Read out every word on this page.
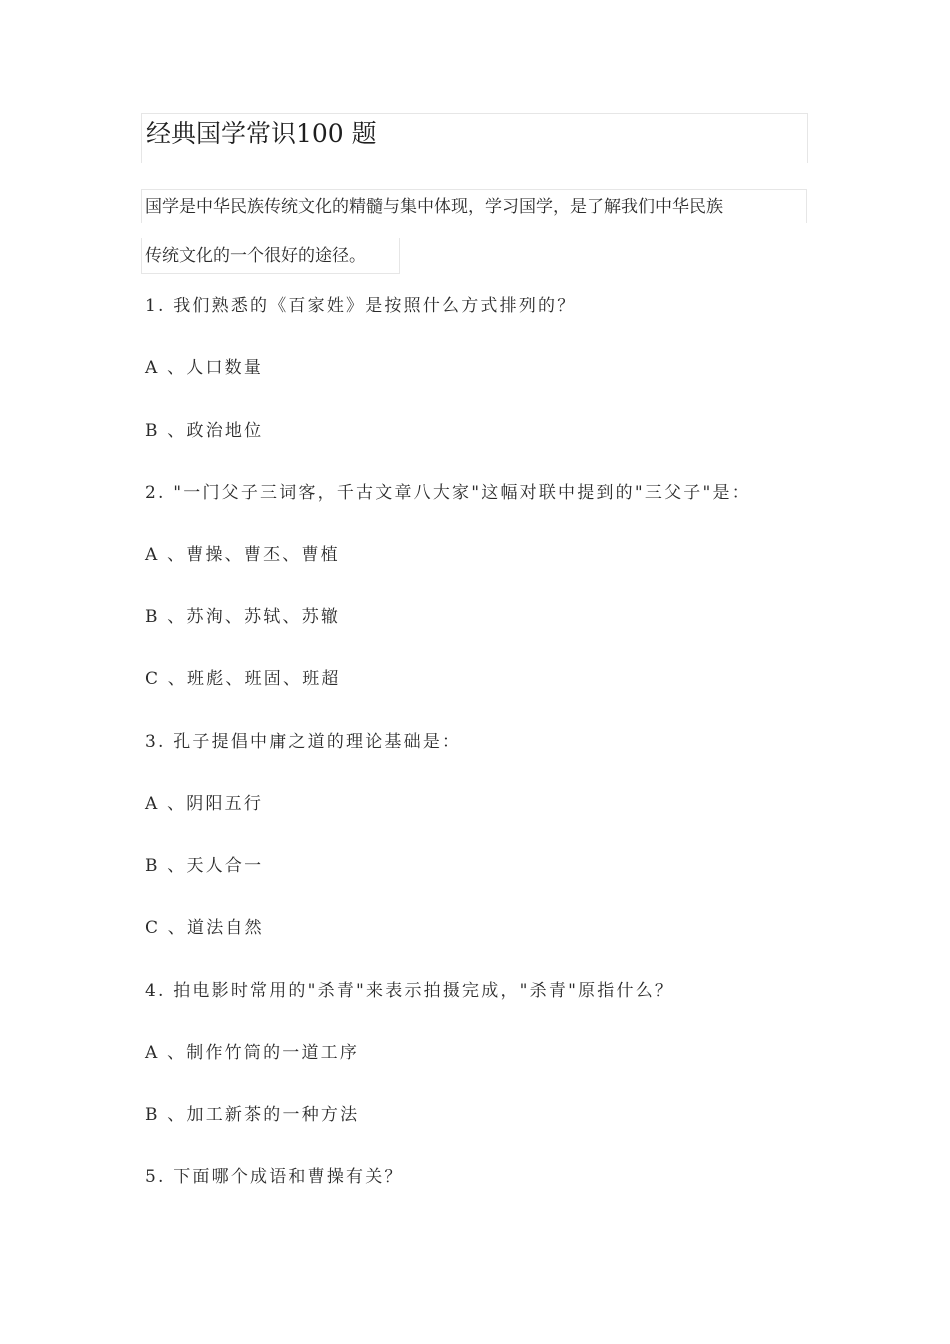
经典国学常识100 题
国学是中华民族传统文化的精髓与集中体现，学习国学，是了解我们中华民族
传统文化的一个很好的途径。
1. 我们熟悉的《百家姓》是按照什么方式排列的？
A 、人口数量
B 、政治地位
2. "一门父子三词客，千古文章八大家"这幅对联中提到的"三父子"是：
A 、曹操、曹丕、曹植
B 、苏洵、苏轼、苏辙
C 、班彪、班固、班超
3. 孔子提倡中庸之道的理论基础是：
A 、阴阳五行
B 、天人合一
C 、道法自然
4. 拍电影时常用的"杀青"来表示拍摄完成，"杀青"原指什么？
A 、制作竹筒的一道工序
B 、加工新茶的一种方法
5. 下面哪个成语和曹操有关？
